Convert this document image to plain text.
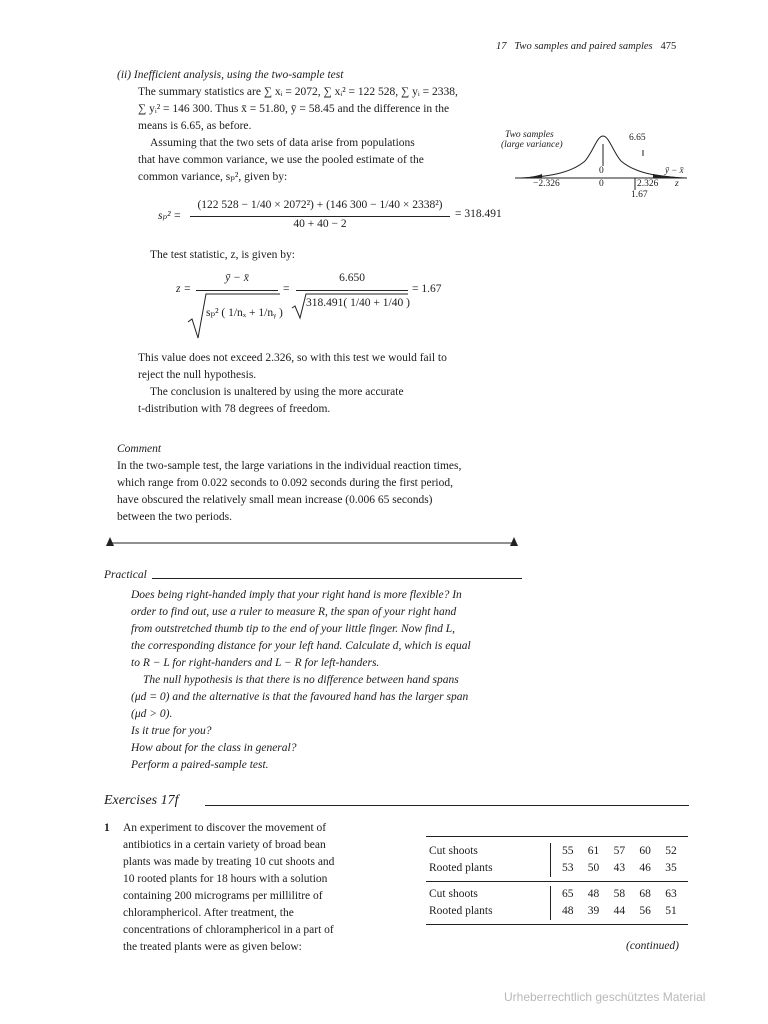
17 Two samples and paired samples 475
(ii) Inefficient analysis, using the two-sample test
The summary statistics are ∑ xᵢ = 2072, ∑ xᵢ² = 122 528, ∑ yᵢ = 2338,
∑ yᵢ² = 146 300. Thus x̄ = 51.80, ȳ = 58.45 and the difference in the
means is 6.65, as before.
Assuming that the two sets of data arise from populations
that have common variance, we use the pooled estimate of the
common variance, sₚ², given by:
Two samples
(large variance)
6.65
0	ȳ − x̄
−2.326	0	2.326 z
1.67
sₚ² =
(122 528 − 1/40 × 2072²) + (146 300 − 1/40 × 2338²)
40 + 40 − 2
= 318.491
The test statistic, z, is given by:
z =
ȳ − x̄
sₚ² ( 1/nₓ + 1/nᵧ )
=
6.650
318.491( 1/40 + 1/40 )
= 1.67
This value does not exceed 2.326, so with this test we would fail to
reject the null hypothesis.
The conclusion is unaltered by using the more accurate
t-distribution with 78 degrees of freedom.
Comment
In the two-sample test, the large variations in the individual reaction times,
which range from 0.022 seconds to 0.092 seconds during the first period,
have obscured the relatively small mean increase (0.006 65 seconds)
between the two periods.
Practical
Does being right-handed imply that your right hand is more flexible? In
order to find out, use a ruler to measure R, the span of your right hand
from outstretched thumb tip to the end of your little finger. Now find L,
the corresponding distance for your left hand. Calculate d, which is equal
to R − L for right-handers and L − R for left-handers.
The null hypothesis is that there is no difference between hand spans
(μd = 0) and the alternative is that the favoured hand has the larger span
(μd > 0).
Is it true for you?
How about for the class in general?
Perform a paired-sample test.
Exercises 17f
1 An experiment to discover the movement of
antibiotics in a certain variety of broad bean
plants was made by treating 10 cut shoots and
10 rooted plants for 18 hours with a solution
containing 200 micrograms per millilitre of
chloramphericol. After treatment, the
concentrations of chloramphericol in a part of
the treated plants were as given below:
Cut shoots		55	61	57	60	52
Rooted plants		53	50	43	46	35
Cut shoots		65	48	58	68	63
Rooted plants		48	39	44	56	51
(continued)
Urheberrechtlich geschütztes Material
